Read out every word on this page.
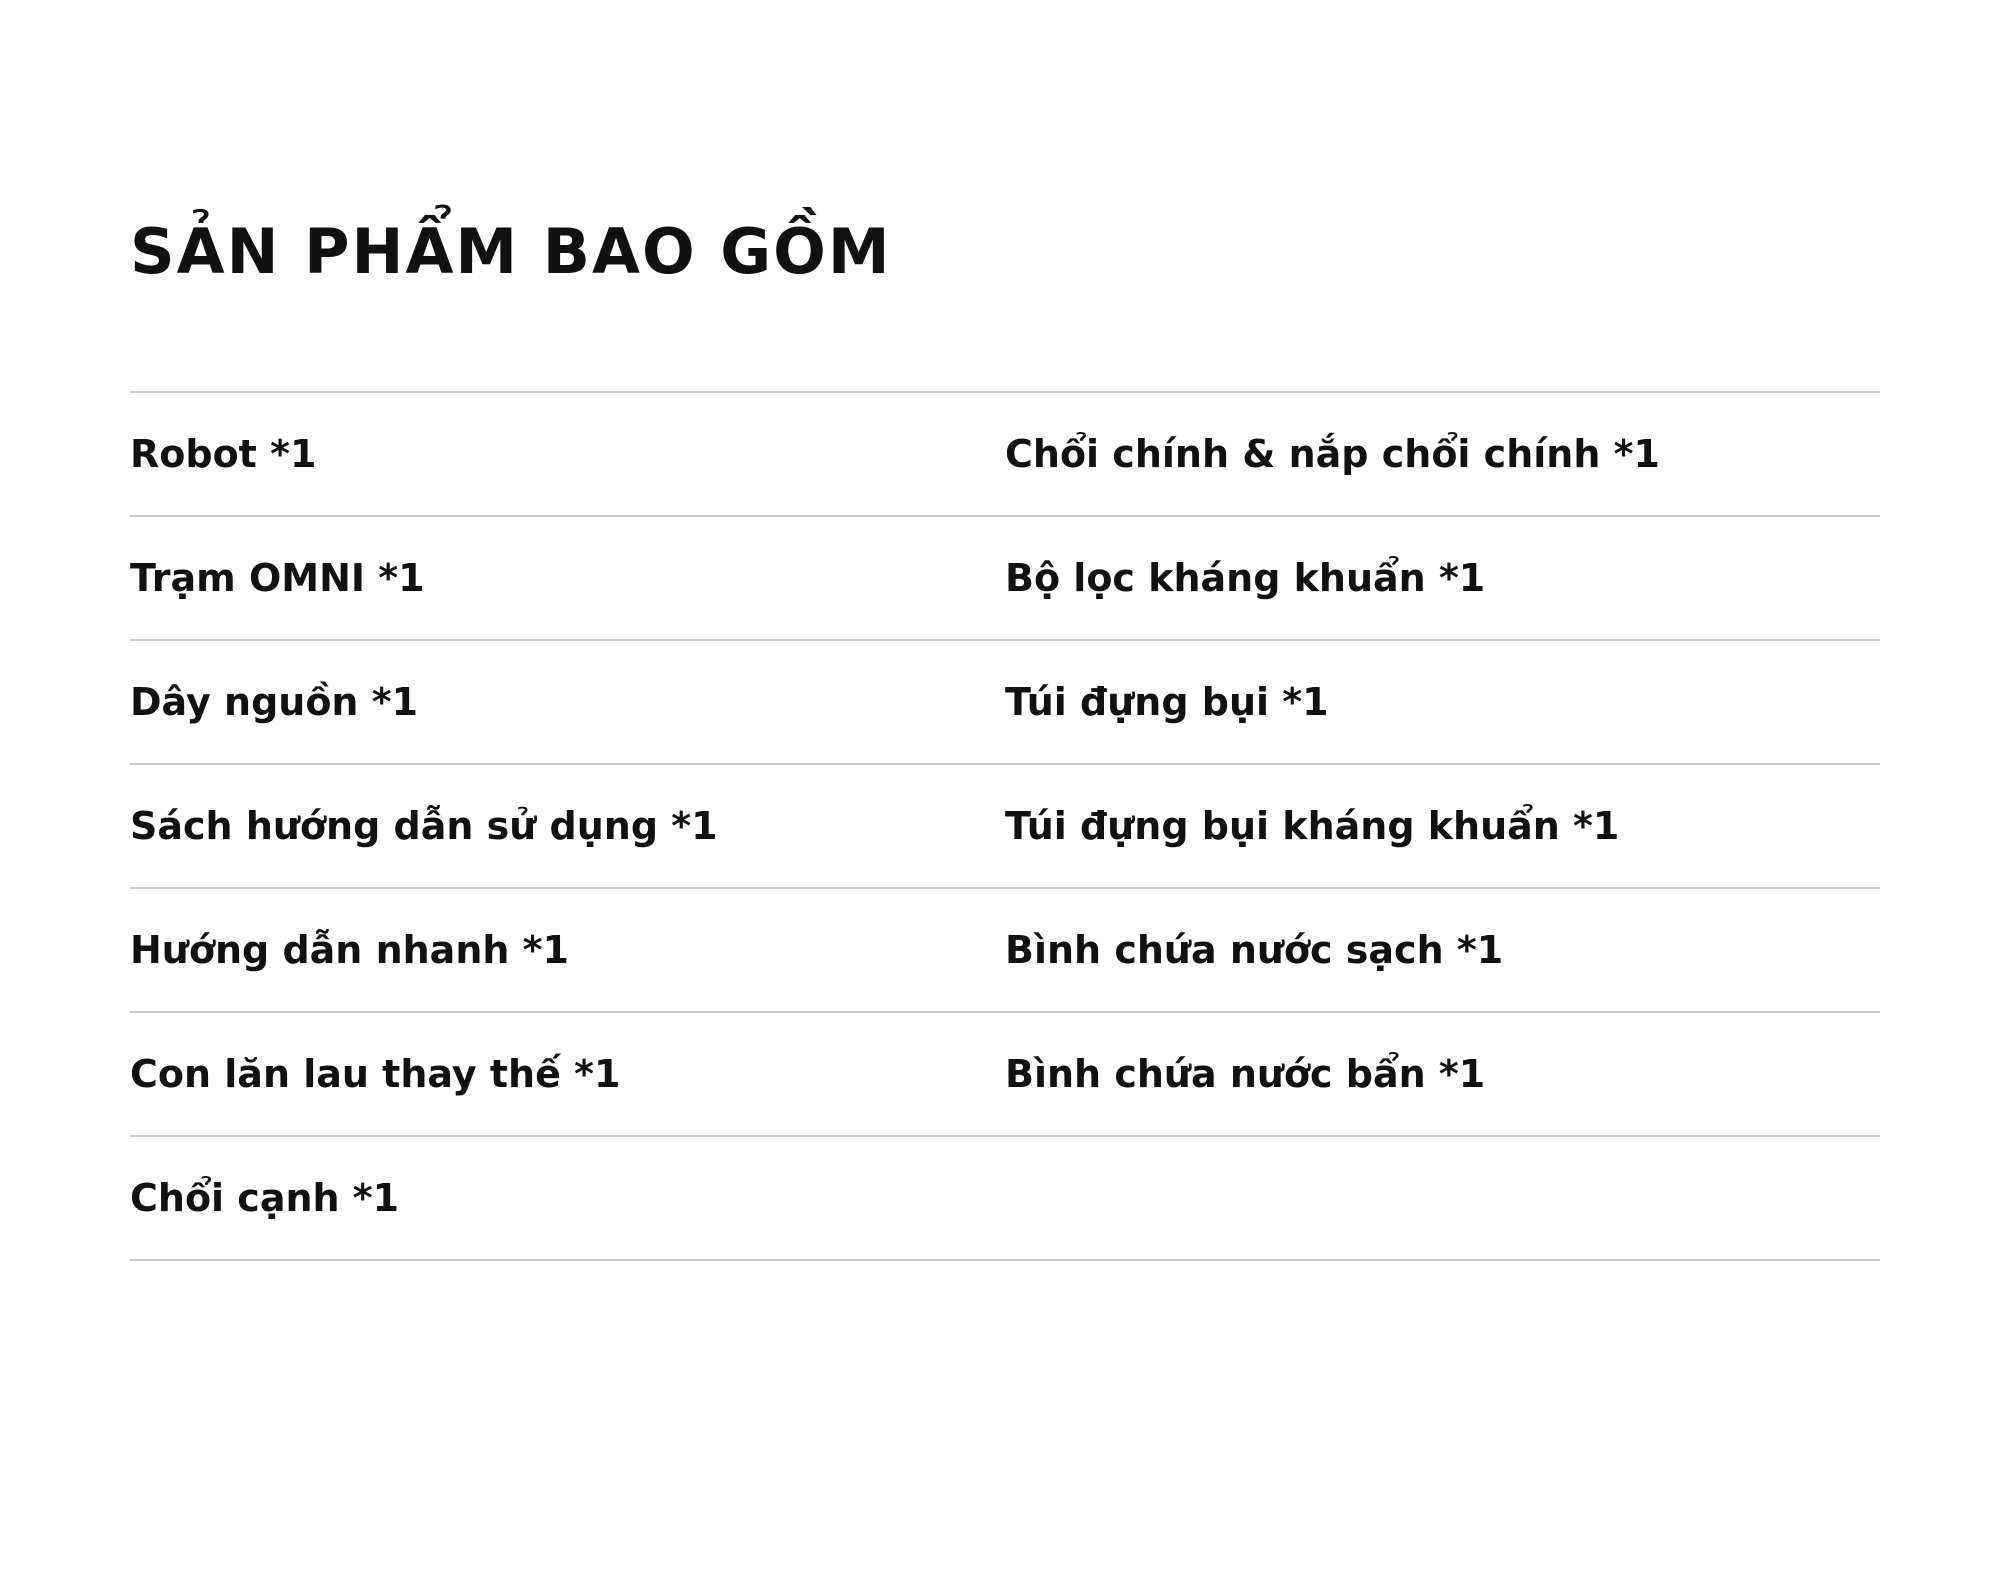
SẢN PHẨM BAO GỒM
Robot *1	Chổi chính & nắp chổi chính *1
Trạm OMNI *1	Bộ lọc kháng khuẩn *1
Dây nguồn *1	Túi đựng bụi *1
Sách hướng dẫn sử dụng *1	Túi đựng bụi kháng khuẩn *1
Hướng dẫn nhanh *1	Bình chứa nước sạch *1
Con lăn lau thay thế *1	Bình chứa nước bẩn *1
Chổi cạnh *1
